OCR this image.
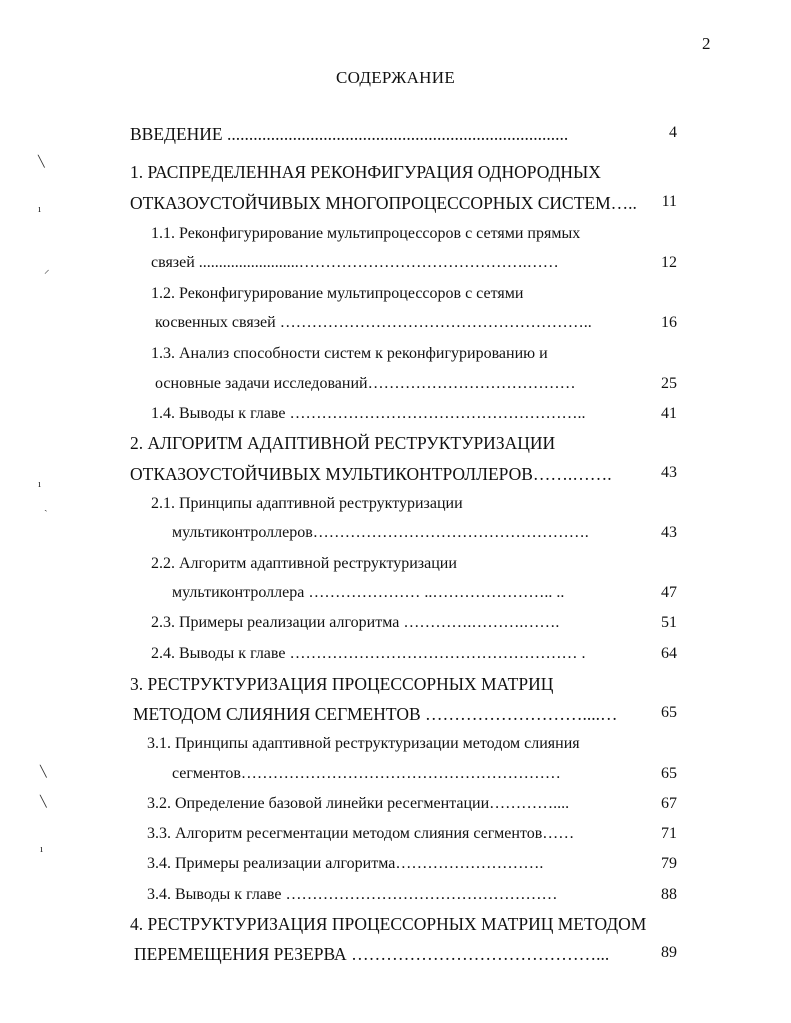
2
СОДЕРЖАНИЕ
ВВЕДЕНИЕ ..............................................................................	4
1. РАСПРЕДЕЛЕННАЯ РЕКОНФИГУРАЦИЯ ОДНОРОДНЫХ
ОТКАЗОУСТОЙЧИВЫХ МНОГОПРОЦЕССОРНЫХ СИСТЕМ…..	11
1.1. Реконфигурирование мультипроцессоров с сетями прямых
связей .........................…………………………………….……	12
1.2. Реконфигурирование мультипроцессоров с сетями
косвенных связей …………………………………………………..	16
1.3. Анализ способности систем к реконфигурированию и
основные задачи исследований…………………………………	25
1.4. Выводы к главе ………………………………………………..	41
2. АЛГОРИТМ АДАПТИВНОЙ РЕСТРУКТУРИЗАЦИИ
ОТКАЗОУСТОЙЧИВЫХ МУЛЬТИКОНТРОЛЛЕРОВ…….…….	43
2.1. Принципы адаптивной реструктуризации
мультиконтроллеров…………………………………………….	43
2.2. Алгоритм адаптивной реструктуризации
мультиконтроллера ………………… ..………………….. ..	47
2.3. Примеры реализации алгоритма ………….……….…….	51
2.4. Выводы к главе ……………………………………………… .	64
3. РЕСТРУКТУРИЗАЦИЯ ПРОЦЕССОРНЫХ МАТРИЦ
МЕТОДОМ СЛИЯНИЯ СЕГМЕНТОВ ………………………....…	65
3.1. Принципы адаптивной реструктуризации методом слияния
сегментов……………………………………………………	65
3.2. Определение базовой линейки ресегментации…………....	67
3.3. Алгоритм ресегментации методом слияния сегментов……	71
3.4. Примеры реализации алгоритма……………………….	79
3.4. Выводы к главе ……………………………………………	88
4. РЕСТРУКТУРИЗАЦИЯ ПРОЦЕССОРНЫХ МАТРИЦ МЕТОДОМ
ПЕРЕМЕЩЕНИЯ РЕЗЕРВА ……………………………………...	89
╲
ı
⸝
ı
ˏ
╲
╲
ı
